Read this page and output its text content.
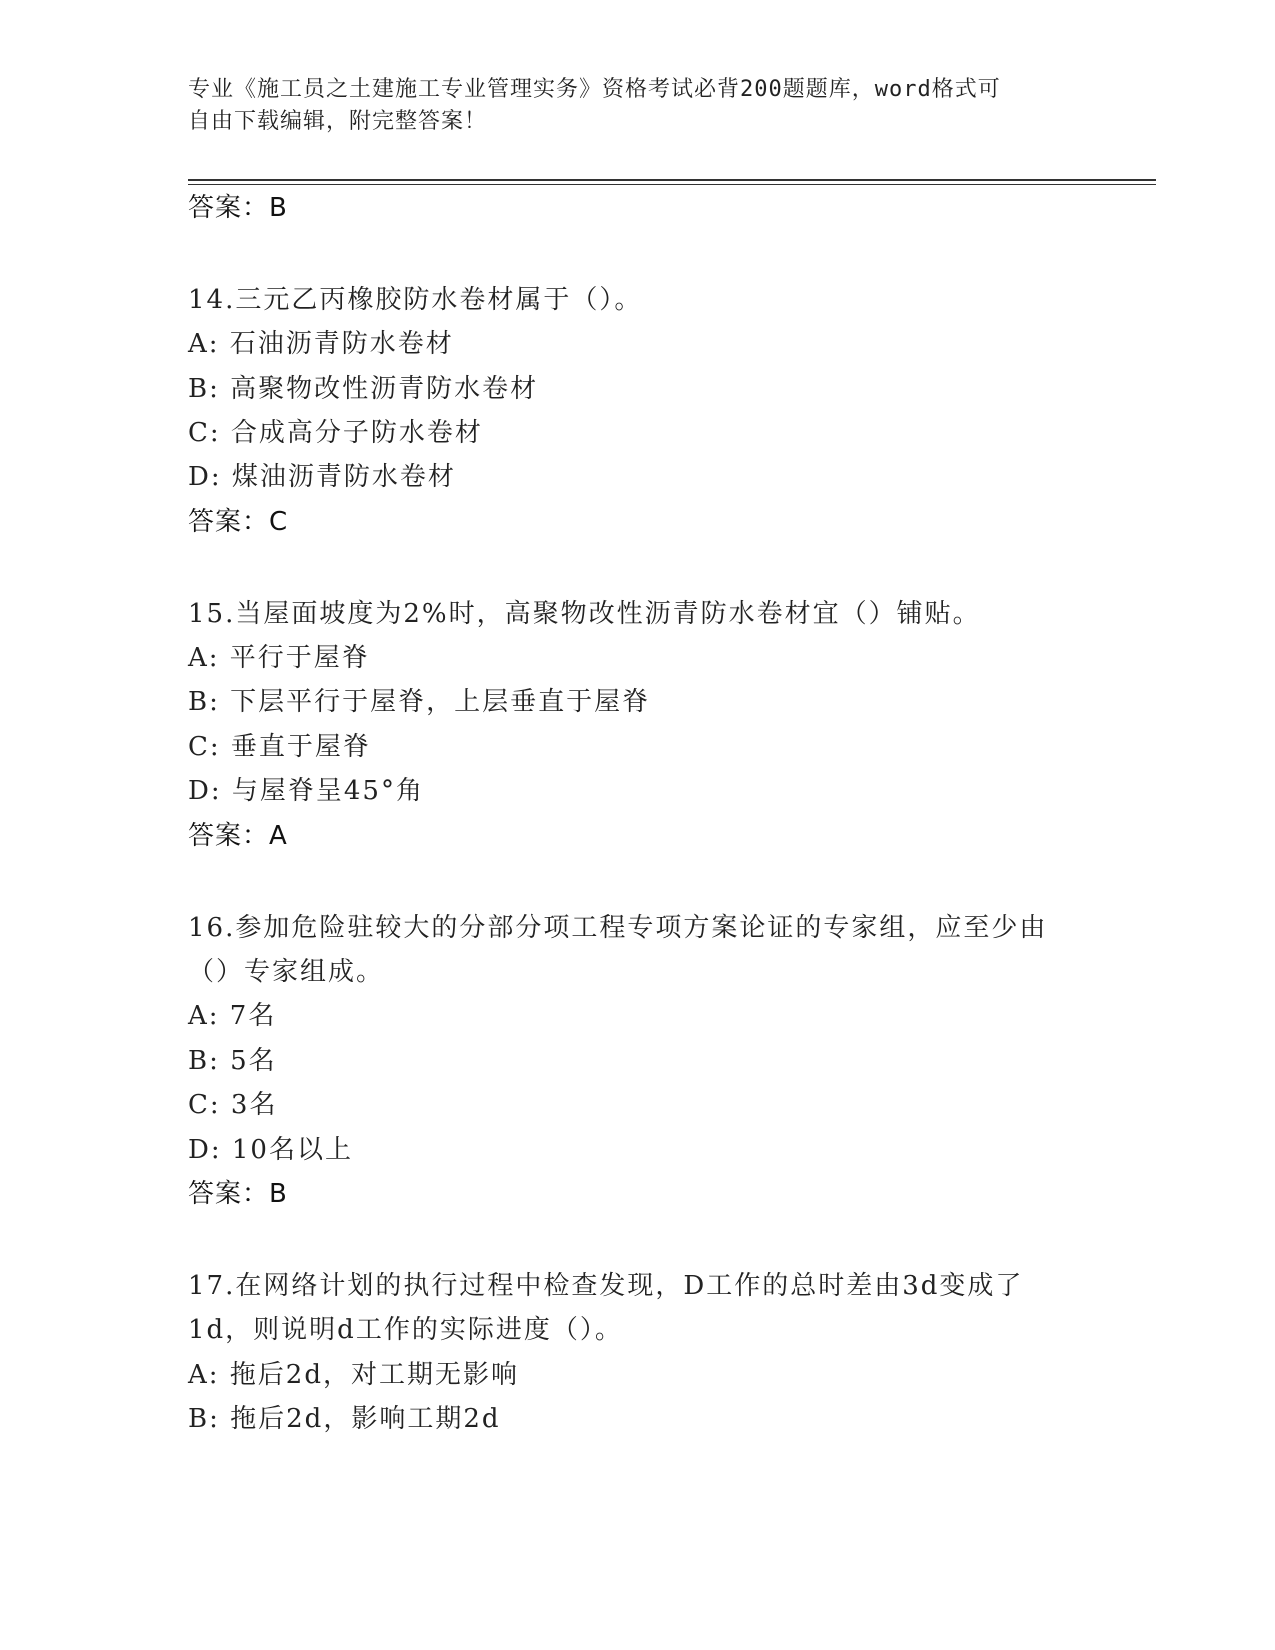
专业《施工员之土建施工专业管理实务》资格考试必背200题题库，word格式可
自由下载编辑，附完整答案！
答案：B
14.三元乙丙橡胶防水卷材属于（）。
A: 石油沥青防水卷材
B: 高聚物改性沥青防水卷材
C: 合成高分子防水卷材
D: 煤油沥青防水卷材
答案：C
15.当屋面坡度为2%时，高聚物改性沥青防水卷材宜（）铺贴。
A: 平行于屋脊
B: 下层平行于屋脊，上层垂直于屋脊
C: 垂直于屋脊
D: 与屋脊呈45°角
答案：A
16.参加危险驻较大的分部分项工程专项方案论证的专家组，应至少由
（）专家组成。
A: 7名
B: 5名
C: 3名
D: 10名以上
答案：B
17.在网络计划的执行过程中检查发现，D工作的总时差由3d变成了
1d，则说明d工作的实际进度（）。
A: 拖后2d，对工期无影响
B: 拖后2d，影响工期2d
